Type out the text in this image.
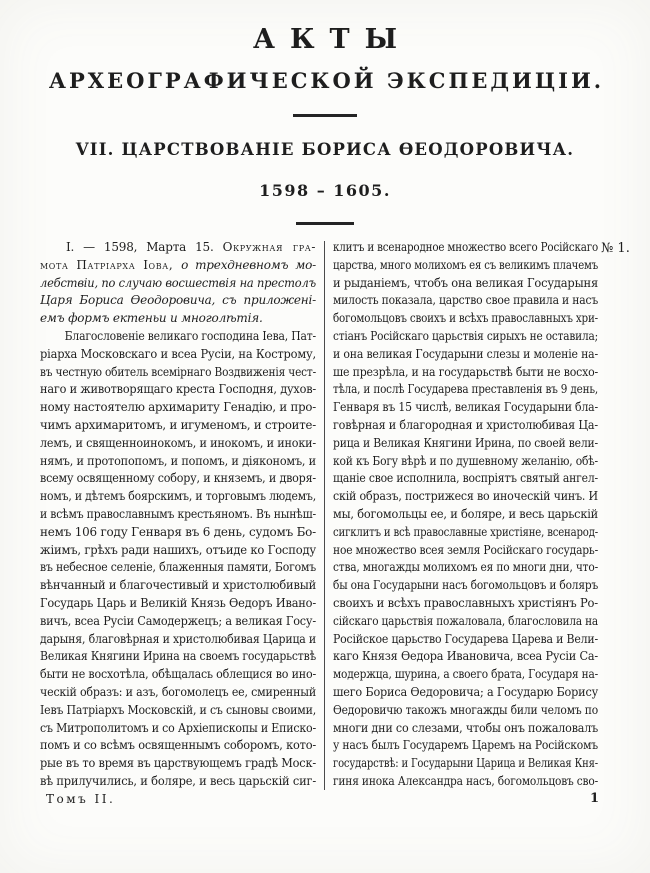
АКТЫ
АРХЕОГРАФИЧЕСКОЙ ЭКСПЕДИЦІИ.
VII. ЦАРСТВОВАНІЕ БОРИСА ѲЕОДОРОВИЧА.
1598 – 1605.
№ 1.
І. — 1598, Марта 15. Окружная гра-
мота Патріарха Іова, о трехдневномъ мо-
лебствіи, по случаю восшествія на престолъ
Царя Бориса Ѳеодоровича, съ приложені-
емъ формъ ектеньи и многолѣтія.
Благословеніе великаго господина Іева, Пат-
ріарха Московскаго и всеа Русіи, на Кострому,
въ честную обитель всемірнаго Воздвиженія чест-
наго и животворящаго креста Господня, духов-
ному настоятелю архимариту Генадію, и про-
чимъ архимаритомъ, и игуменомъ, и строите-
лемъ, и священноинокомъ, и инокомъ, и иноки-
нямъ, и протопопомъ, и попомъ, и діякономъ, и
всему освященному собору, и княземъ, и дворя-
номъ, и дѣтемъ боярскимъ, и торговымъ людемъ,
и всѣмъ православнымъ крестьяномъ. Въ нынѣш-
немъ 106 году Генваря въ 6 день, судомъ Бо-
жіимъ, грѣхъ ради нашихъ, отъиде ко Господу
въ небесное селеніе, блаженныя памяти, Богомъ
вѣнчанный и благочестивый и христолюбивый
Государь Царь и Великій Князь Ѳедоръ Ивано-
вичъ, всеа Русіи Самодержецъ; а великая Госу-
дарыня, благовѣрная и христолюбивая Царица и
Великая Княгини Ирина на своемъ государьствѣ
быти не восхотѣла, обѣщалась облещися во ино-
ческій образъ: и азъ, богомолецъ ее, смиренный
Іевъ Патріархъ Московскій, и съ сыновы своими,
съ Митрополитомъ и со Архіепископы и Еписко-
помъ и со всѣмъ освященнымъ соборомъ, кото-
рые въ то время въ царствующемъ градѣ Моск-
вѣ прилучились, и боляре, и весь царьскій сиг-
клитъ и всенародное множество всего Російскаго
царства, много молихомъ ея съ великимъ плачемъ
и рыданіемъ, чтобъ она великая Государыня
милость показала, царство свое правила и насъ
богомольцовъ своихъ и всѣхъ православныхъ хри-
стіанъ Російскаго царьствія сирыхъ не оставила;
и она великая Государыни слезы и моленіе на-
ше презрѣла, и на государьствѣ быти не восхо-
тѣла, и послѣ Государева преставленія въ 9 день,
Генваря въ 15 числѣ, великая Государыни бла-
говѣрная и благородная и христолюбивая Ца-
рица и Великая Княгини Ирина, по своей вели-
кой къ Богу вѣрѣ и по душевному желанію, обѣ-
щаніе свое исполнила, воспріятъ святый ангел-
скій образъ, пострижеся во иноческій чинъ. И
мы, богомольцы ее, и боляре, и весь царьскій
сигклитъ и всѣ православные христіяне, всенарод-
ное множество всея земля Російскаго государь-
ства, многажды молихомъ ея по многи дни, что-
бы она Государыни насъ богомольцовъ и боляръ
своихъ и всѣхъ православныхъ христіянъ Ро-
сійскаго царьствія пожаловала, благословила на
Російское царьство Государева Царева и Вели-
каго Князя Ѳедора Ивановича, всеа Русіи Са-
модержца, шурина, а своего брата, Государя на-
шего Бориса Ѳедоровича; а Государю Борису
Ѳедоровичю такожъ многажды били челомъ по
многи дни со слезами, чтобы онъ пожаловалъ
у насъ былъ Государемъ Царемъ на Російскомъ
государствѣ: и Государыни Царица и Великая Кня-
гиня инока Александра насъ, богомольцовъ сво-
Томъ II.	1
